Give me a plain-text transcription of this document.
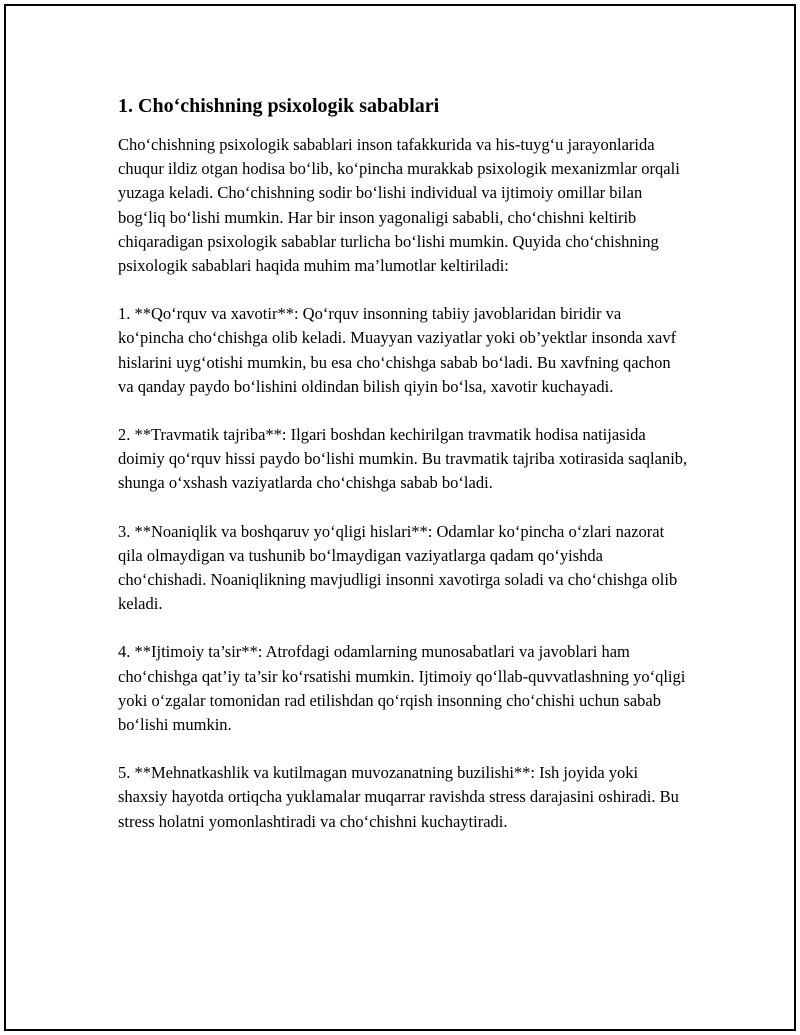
1. Cho‘chishning psixologik sabablari

Cho‘chishning psixologik sabablari inson tafakkurida va his-tuyg‘u jarayonlarida chuqur ildiz otgan hodisa bo‘lib, ko‘pincha murakkab psixologik mexanizmlar orqali yuzaga keladi. Cho‘chishning sodir bo‘lishi individual va ijtimoiy omillar bilan bog‘liq bo‘lishi mumkin. Har bir inson yagonaligi sababli, cho‘chishni keltirib chiqaradigan psixologik sabablar turlicha bo‘lishi mumkin. Quyida cho‘chishning psixologik sabablari haqida muhim ma’lumotlar keltiriladi:

1. **Qo‘rquv va xavotir**: Qo‘rquv insonning tabiiy javoblaridan biridir va ko‘pincha cho‘chishga olib keladi. Muayyan vaziyatlar yoki ob’yektlar insonda xavf hislarini uyg‘otishi mumkin, bu esa cho‘chishga sabab bo‘ladi. Bu xavfning qachon va qanday paydo bo‘lishini oldindan bilish qiyin bo‘lsa, xavotir kuchayadi.

2. **Travmatik tajriba**: Ilgari boshdan kechirilgan travmatik hodisa natijasida doimiy qo‘rquv hissi paydo bo‘lishi mumkin. Bu travmatik tajriba xotirasida saqlanib, shunga o‘xshash vaziyatlarda cho‘chishga sabab bo‘ladi.

3. **Noaniqlik va boshqaruv yo‘qligi hislari**: Odamlar ko‘pincha o‘zlari nazorat qila olmaydigan va tushunib bo‘lmaydigan vaziyatlarga qadam qo‘yishda cho‘chishadi. Noaniqlikning mavjudligi insonni xavotirga soladi va cho‘chishga olib keladi.

4. **Ijtimoiy ta’sir**: Atrofdagi odamlarning munosabatlari va javoblari ham cho‘chishga qat’iy ta’sir ko‘rsatishi mumkin. Ijtimoiy qo‘llab-quvvatlashning yo‘qligi yoki o‘zgalar tomonidan rad etilishdan qo‘rqish insonning cho‘chishi uchun sabab bo‘lishi mumkin.

5. **Mehnatkashlik va kutilmagan muvozanatning buzilishi**: Ish joyida yoki shaxsiy hayotda ortiqcha yuklamalar muqarrar ravishda stress darajasini oshiradi. Bu stress holatni yomonlashtiradi va cho‘chishni kuchaytiradi.
